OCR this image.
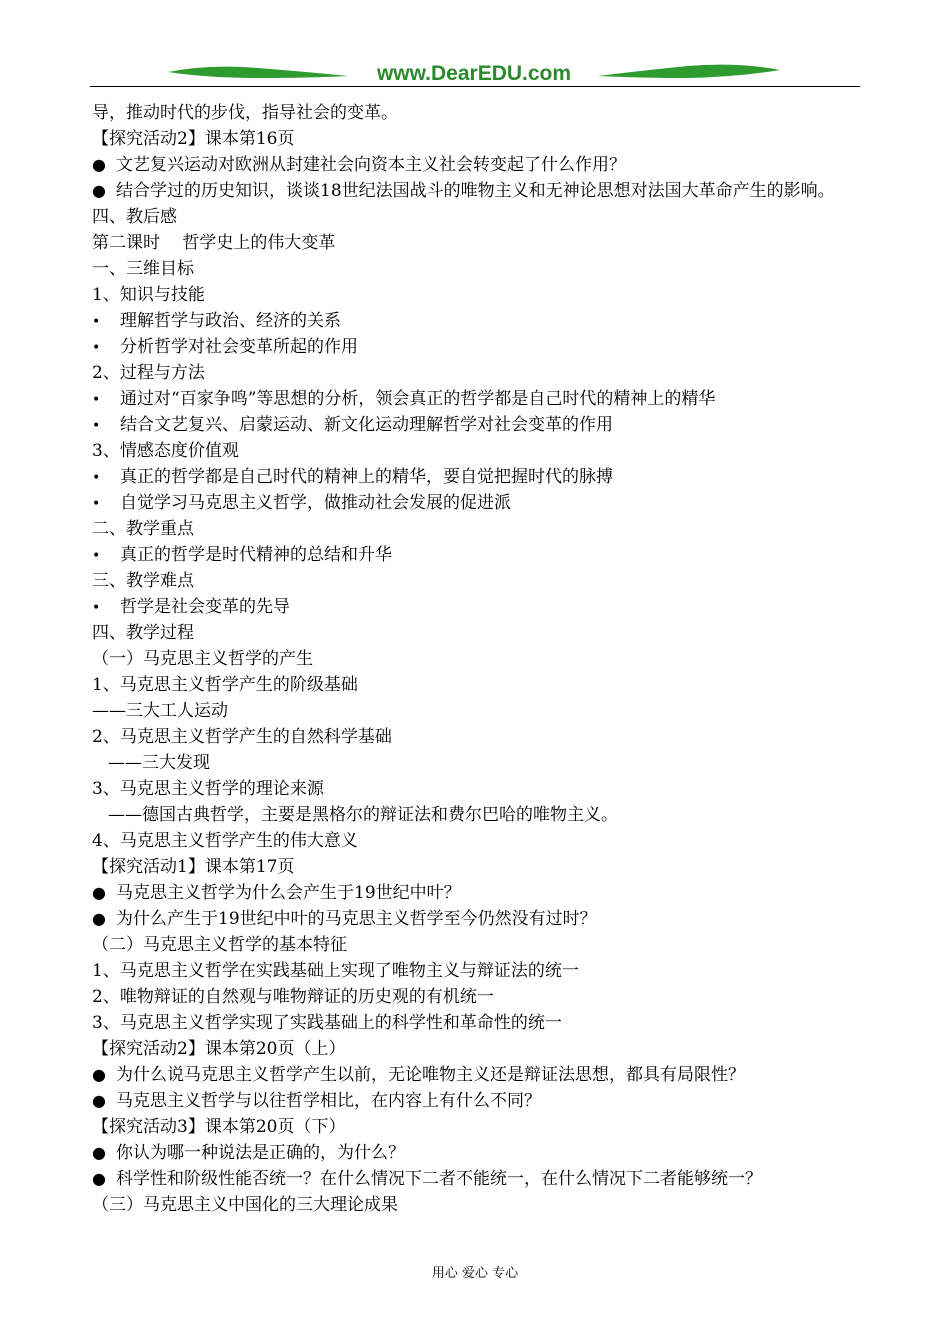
www.DearEDU.com
导，推动时代的步伐，指导社会的变革。
【探究活动2】课本第16页
● 文艺复兴运动对欧洲从封建社会向资本主义社会转变起了什么作用？
● 结合学过的历史知识，谈谈18世纪法国战斗的唯物主义和无神论思想对法国大革命产生的影响。
四、教后感
第二课时　 哲学史上的伟大变革
一、三维目标
1、知识与技能
• 理解哲学与政治、经济的关系
• 分析哲学对社会变革所起的作用
2、过程与方法
• 通过对“百家争鸣”等思想的分析，领会真正的哲学都是自己时代的精神上的精华
• 结合文艺复兴、启蒙运动、新文化运动理解哲学对社会变革的作用
3、情感态度价值观
• 真正的哲学都是自己时代的精神上的精华，要自觉把握时代的脉搏
• 自觉学习马克思主义哲学，做推动社会发展的促进派
二、教学重点
• 真正的哲学是时代精神的总结和升华
三、教学难点
• 哲学是社会变革的先导
四、教学过程
（一）马克思主义哲学的产生
1、马克思主义哲学产生的阶级基础
——三大工人运动
2、马克思主义哲学产生的自然科学基础
——三大发现
3、马克思主义哲学的理论来源
——德国古典哲学，主要是黑格尔的辩证法和费尔巴哈的唯物主义。
4、马克思主义哲学产生的伟大意义
【探究活动1】课本第17页
● 马克思主义哲学为什么会产生于19世纪中叶？
● 为什么产生于19世纪中叶的马克思主义哲学至今仍然没有过时？
（二）马克思主义哲学的基本特征
1、马克思主义哲学在实践基础上实现了唯物主义与辩证法的统一
2、唯物辩证的自然观与唯物辩证的历史观的有机统一
3、马克思主义哲学实现了实践基础上的科学性和革命性的统一
【探究活动2】课本第20页（上）
● 为什么说马克思主义哲学产生以前，无论唯物主义还是辩证法思想，都具有局限性？
● 马克思主义哲学与以往哲学相比，在内容上有什么不同？
【探究活动3】课本第20页（下）
● 你认为哪一种说法是正确的，为什么？
● 科学性和阶级性能否统一？在什么情况下二者不能统一，在什么情况下二者能够统一？
（三）马克思主义中国化的三大理论成果
用心 爱心 专心
